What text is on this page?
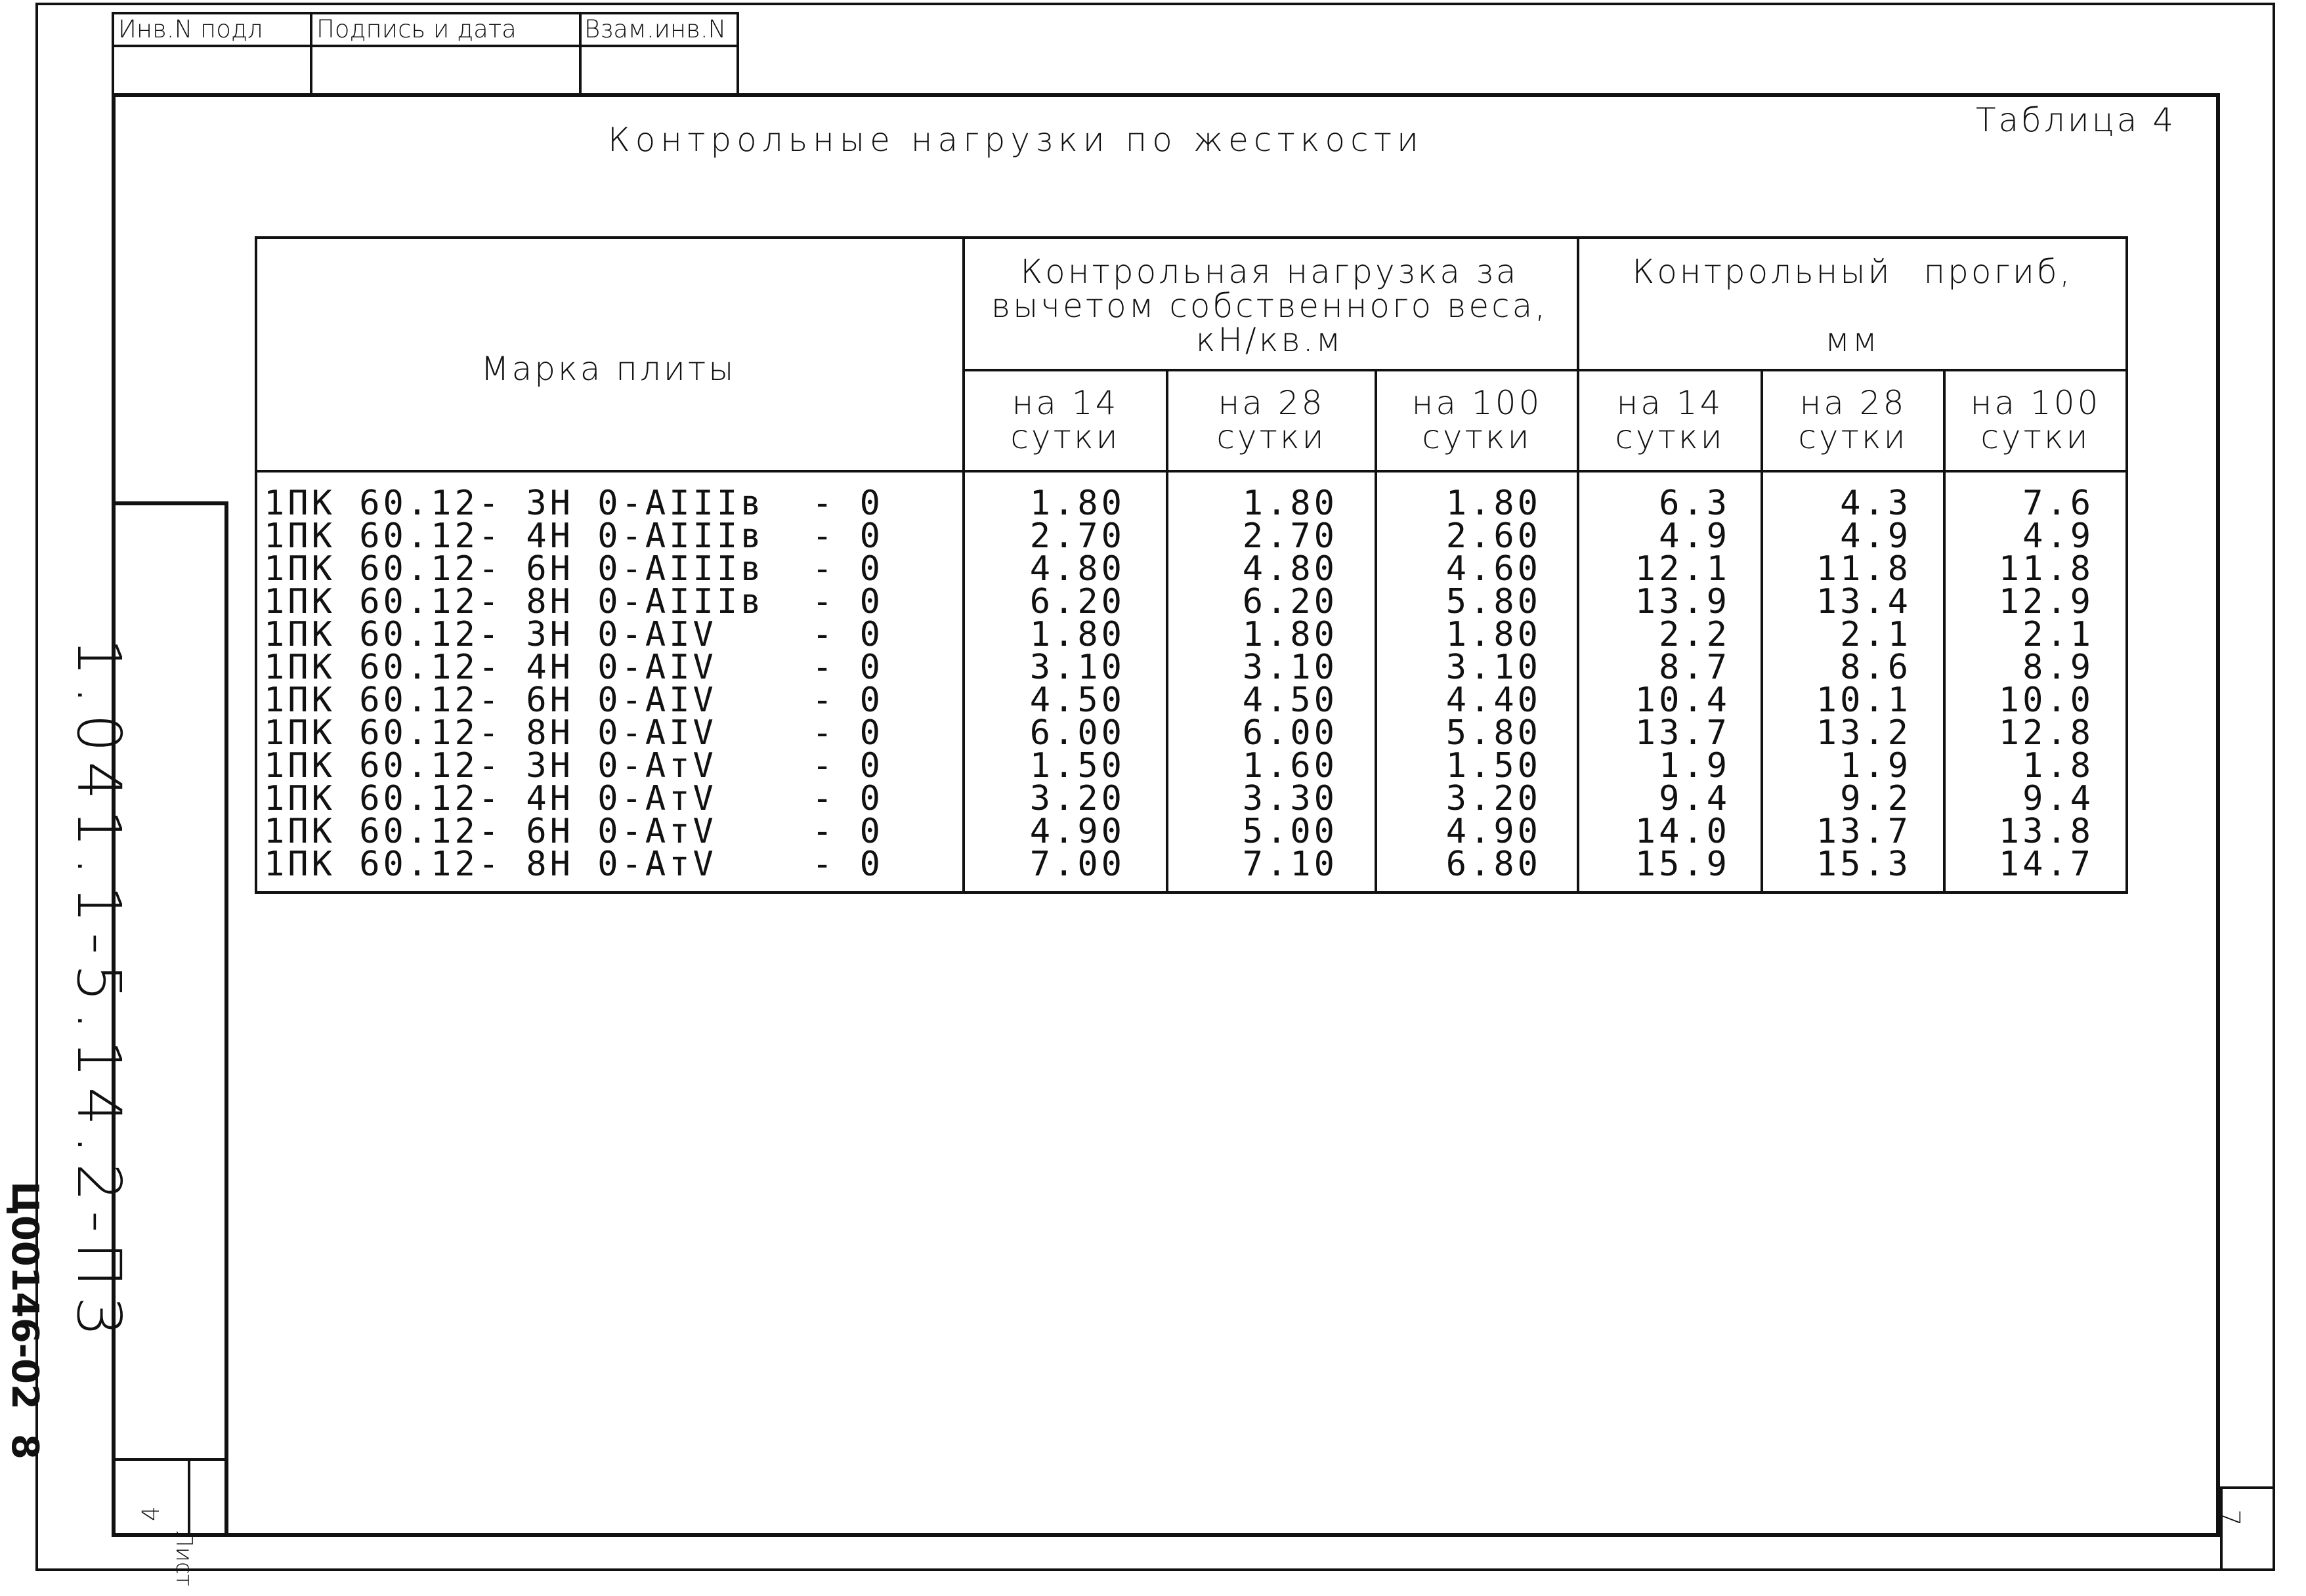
7
Инв.N подл Подпись и дата	Взам.инв.N
4
Лист
1.041.1-5.14.2-ПЗ
Ц00146-02
8
Контрольные нагрузки по жесткости
Таблица 4
Марка плиты
Контрольная нагрузка за
вычетом собственного веса,
кН/кв.м
Контрольный прогиб,
мм
на 14
сутки
на 28
сутки
на 100
сутки
на 14
сутки
на 28
сутки
на 100
сутки
1ПК 60.12- 3Н 0-АIIIв  - 0
1ПК 60.12- 4Н 0-АIIIв  - 0
1ПК 60.12- 6Н 0-АIIIв  - 0
1ПК 60.12- 8Н 0-АIIIв  - 0
1ПК 60.12- 3Н 0-АIV    - 0
1ПК 60.12- 4Н 0-АIV    - 0
1ПК 60.12- 6Н 0-АIV    - 0
1ПК 60.12- 8Н 0-АIV    - 0
1ПК 60.12- 3Н 0-АтV    - 0
1ПК 60.12- 4Н 0-АтV    - 0
1ПК 60.12- 6Н 0-АтV    - 0
1ПК 60.12- 8Н 0-АтV    - 0
1.80
2.70
4.80
6.20
1.80
3.10
4.50
6.00
1.50
3.20
4.90
7.00
1.80
2.70
4.80
6.20
1.80
3.10
4.50
6.00
1.60
3.30
5.00
7.10
1.80
2.60
4.60
5.80
1.80
3.10
4.40
5.80
1.50
3.20
4.90
6.80
6.3
4.9
12.1
13.9
2.2
8.7
10.4
13.7
1.9
9.4
14.0
15.9
4.3
4.9
11.8
13.4
2.1
8.6
10.1
13.2
1.9
9.2
13.7
15.3
7.6
4.9
11.8
12.9
2.1
8.9
10.0
12.8
1.8
9.4
13.8
14.7
